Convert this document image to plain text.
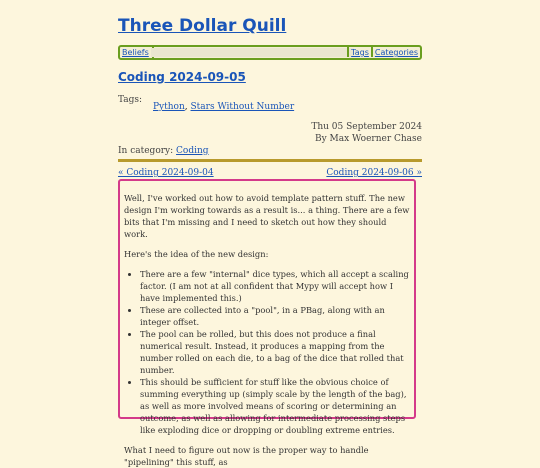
Three Dollar Quill
Beliefs	Tags Categories
Coding 2024-09-05
Tags:
Python, Stars Without Number
Thu 05 September 2024
By Max Woerner Chase
In category: Coding
« Coding 2024-09-04	Coding 2024-09-06 »

Well, I've worked out how to avoid template pattern stuff. The new design I'm working towards as a result is... a thing. There are a few bits that I'm missing and I need to sketch out how they should work.

Here's the idea of the new design:

• There are a few "internal" dice types, which all accept a scaling factor. (I am not at all confident that Mypy will accept how I have implemented this.)
• These are collected into a "pool", in a PBag, along with an integer offset.
• The pool can be rolled, but this does not produce a final numerical result. Instead, it produces a mapping from the number rolled on each die, to a bag of the dice that rolled that number.
• This should be sufficient for stuff like the obvious choice of summing everything up (simply scale by the length of the bag), as well as more involved means of scoring or determining an outcome, as well as allowing for intermediate processing steps like exploding dice or dropping or doubling extreme entries.

What I need to figure out now is the proper way to handle "pipelining" this stuff, as
